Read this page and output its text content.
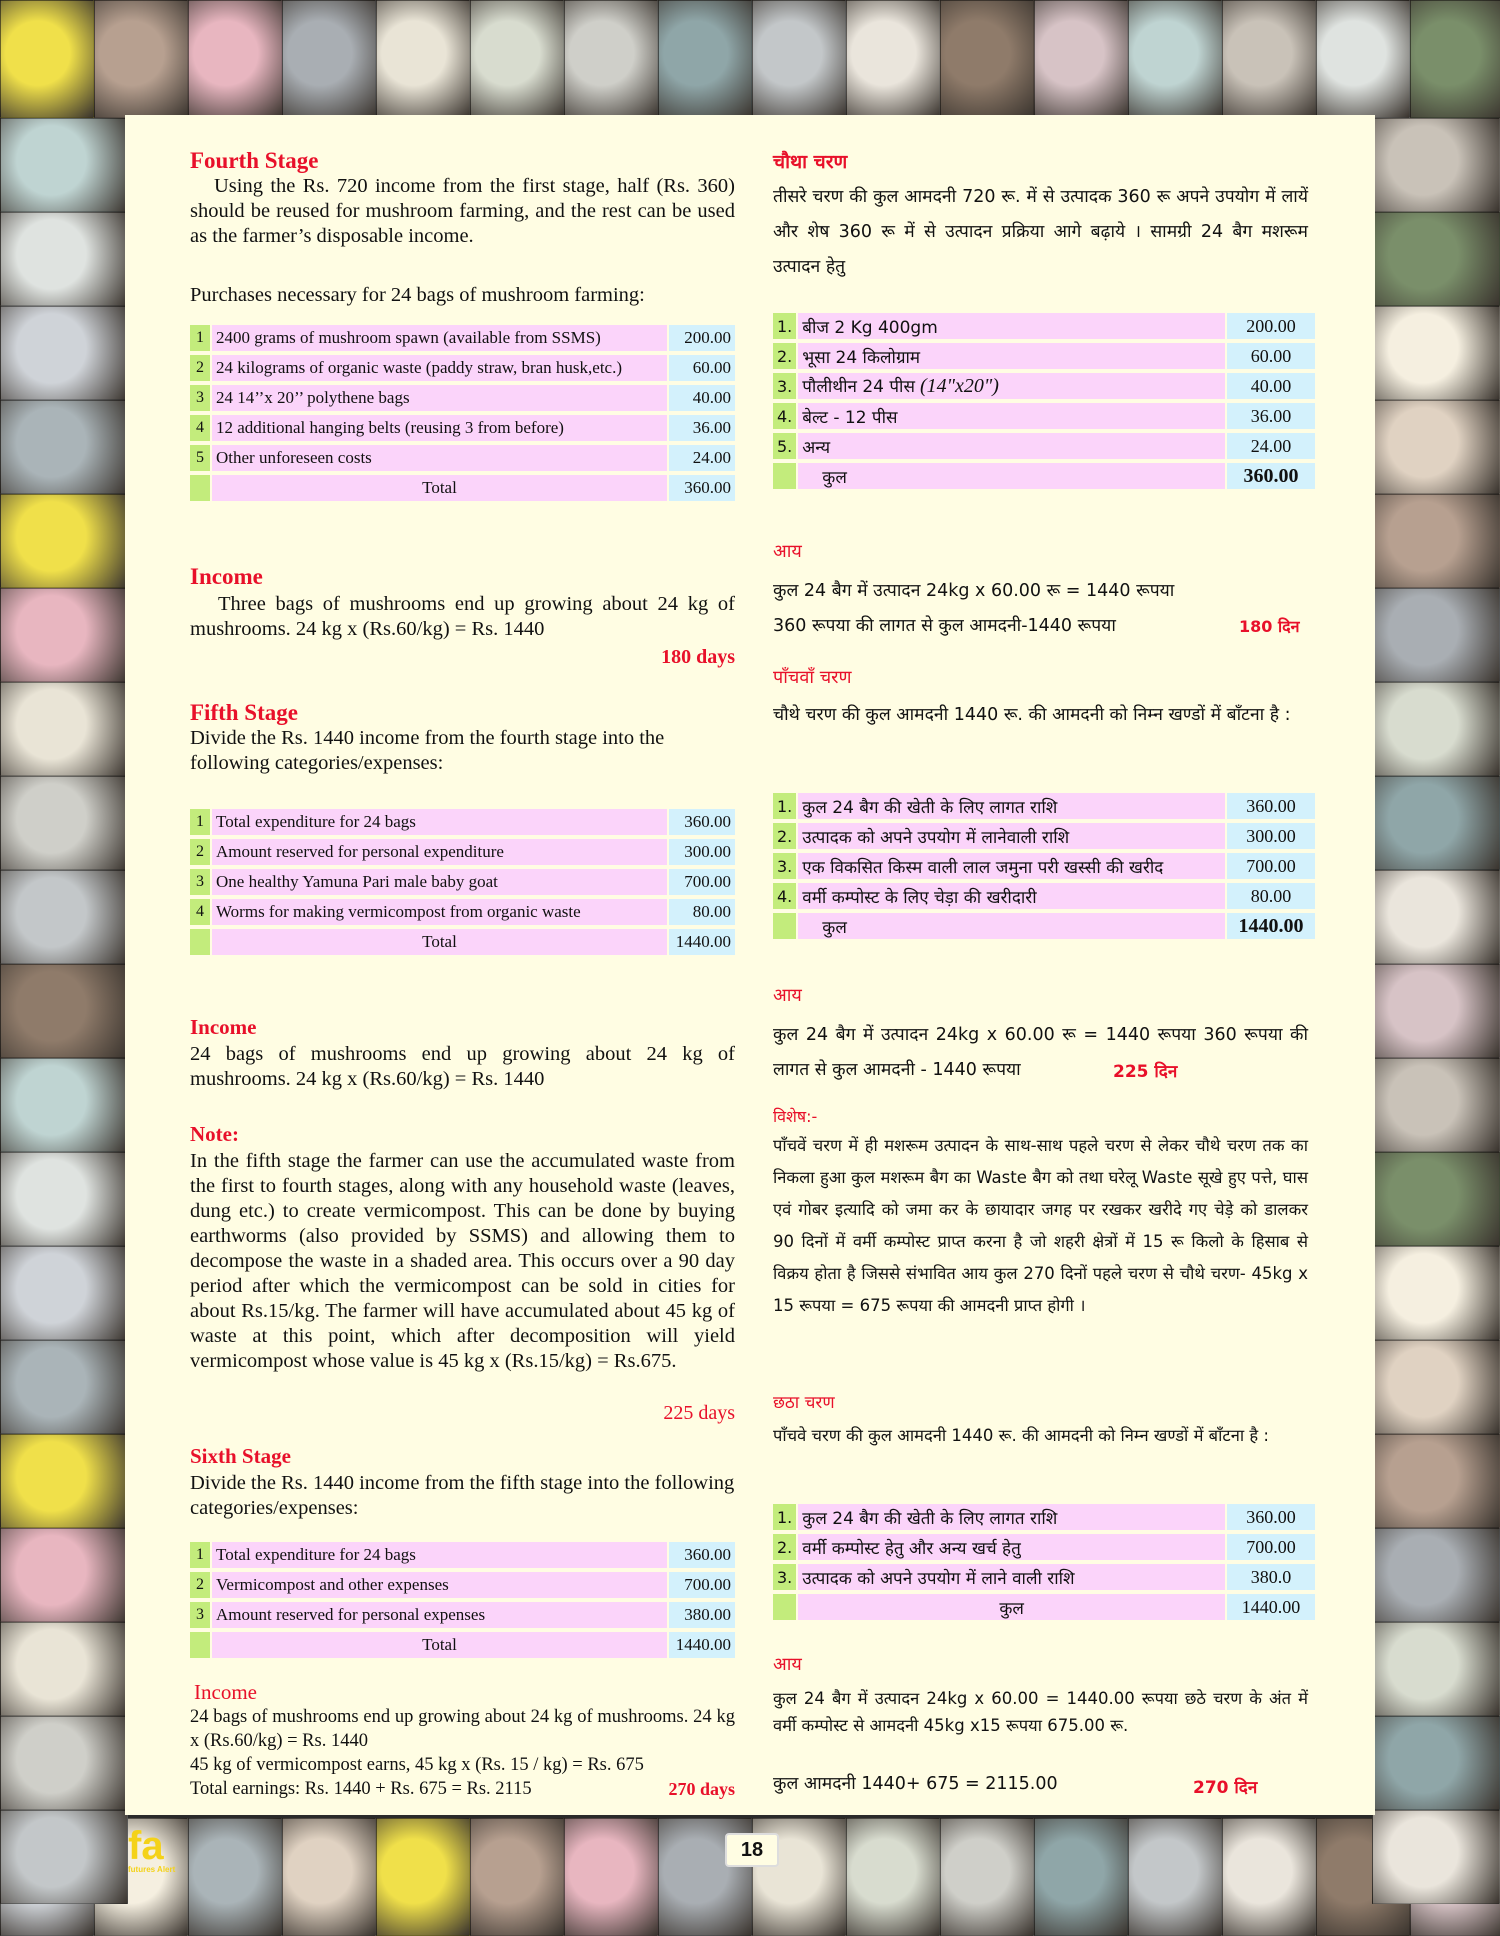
Fourth Stage

Using the Rs. 720 income from the first stage, half (Rs. 360) should be reused for mushroom farming, and the rest can be used as the farmer’s disposable income.

Purchases necessary for 24 bags of mushroom farming:

1	2400 grams of mushroom spawn (available from SSMS)	200.00
2	24 kilograms of organic waste (paddy straw, bran husk,etc.)	60.00
3	24 14’’x 20’’ polythene bags	40.00
4	12 additional hanging belts (reusing 3 from before)	36.00
5	Other unforeseen costs	24.00
	Total	360.00
Income

Three bags of mushrooms end up growing about 24 kg of mushrooms. 24 kg x (Rs.60/kg) = Rs. 1440

180 days

Fifth Stage

Divide the Rs. 1440 income from the fourth stage into the following categories/expenses:

1	Total expenditure for 24 bags	360.00
2	Amount reserved for personal expenditure	300.00
3	One healthy Yamuna Pari male baby goat	700.00
4	Worms for making vermicompost from organic waste	80.00
	Total	1440.00
Income

24 bags of mushrooms end up growing about 24 kg of mushrooms. 24 kg x (Rs.60/kg) = Rs. 1440

Note:

In the fifth stage the farmer can use the accumulated waste from the first to fourth stages, along with any household waste (leaves, dung etc.) to create vermicompost. This can be done by buying earthworms (also provided by SSMS) and allowing them to decompose the waste in a shaded area. This occurs over a 90 day period after which the vermicompost can be sold in cities for about Rs.15/kg. The farmer will have accumulated about 45 kg of waste at this point, which after decomposition will yield vermicompost whose value is 45 kg x (Rs.15/kg) = Rs.675.

225 days

Sixth Stage

Divide the Rs. 1440 income from the fifth stage into the following categories/expenses:

1	Total expenditure for 24 bags	360.00
2	Vermicompost and other expenses	700.00
3	Amount reserved for personal expenses	380.00
	Total	1440.00
Income

24 bags of mushrooms end up growing about 24 kg of mushrooms. 24 kg x (Rs.60/kg) = Rs. 1440

45 kg of vermicompost earns, 45 kg x (Rs. 15 / kg) = Rs. 675

Total earnings: Rs. 1440 + Rs. 675 = Rs. 2115	270 days

चौथा चरण

तीसरे चरण की कुल आमदनी 720 रू. में से उत्पादक 360 रू अपने उपयोग में लायें और शेष 360 रू में से उत्पादन प्रक्रिया आगे बढ़ाये । सामग्री 24 बैग मशरूम उत्पादन हेतु

1.	बीज 2 Kg 400gm	200.00
2.	भूसा 24 किलोग्राम	60.00
3.	पौलीथीन 24 पीस (14"x20")	40.00
4.	बेल्ट - 12 पीस	36.00
5.	अन्य	24.00
	कुल	360.00

आय

कुल 24 बैग में उत्पादन 24kg x 60.00 रू = 1440 रूपया

360 रूपया की लागत से कुल आमदनी-1440 रूपया	180 दिन

पाँचवाँ चरण

चौथे चरण की कुल आमदनी 1440 रू. की आमदनी को निम्न खण्डों में बाँटना है :

1.	कुल 24 बैग की खेती के लिए लागत राशि	360.00
2.	उत्पादक को अपने उपयोग में लानेवाली राशि	300.00
3.	एक विकसित किस्म वाली लाल जमुना परी खस्सी की खरीद	700.00
4.	वर्मी कम्पोस्ट के लिए चेड़ा की खरीदारी	80.00
	कुल	1440.00

आय

कुल 24 बैग में उत्पादन 24kg x 60.00 रू = 1440 रूपया 360 रूपया की लागत से कुल आमदनी - 1440 रूपया	225 दिन

विशेष:-

पाँचवें चरण में ही मशरूम उत्पादन के साथ-साथ पहले चरण से लेकर चौथे चरण तक का निकला हुआ कुल मशरूम बैग का Waste बैग को तथा घरेलू Waste सूखे हुए पत्ते, घास एवं गोबर इत्यादि को जमा कर के छायादार जगह पर रखकर खरीदे गए चेड़े को डालकर 90 दिनों में वर्मी कम्पोस्ट प्राप्त करना है जो शहरी क्षेत्रों में 15 रू किलो के हिसाब से विक्रय होता है जिससे संभावित आय कुल 270 दिनों पहले चरण से चौथे चरण- 45kg x 15 रूपया = 675 रूपया की आमदनी प्राप्त होगी ।

छठा चरण

पाँचवे चरण की कुल आमदनी 1440 रू. की आमदनी को निम्न खण्डों में बाँटना है :

1.	कुल 24 बैग की खेती के लिए लागत राशि	360.00
2.	वर्मी कम्पोस्ट हेतु और अन्य खर्च हेतु	700.00
3.	उत्पादक को अपने उपयोग में लाने वाली राशि	380.0
	कुल	1440.00

आय

कुल 24 बैग में उत्पादन 24kg x 60.00 = 1440.00 रूपया छठे चरण के अंत में वर्मी कम्पोस्ट से आमदनी 45kg x15 रूपया 675.00 रू.

कुल आमदनी 1440+ 675 = 2115.00	270 दिन

fa
futures Alert
18
